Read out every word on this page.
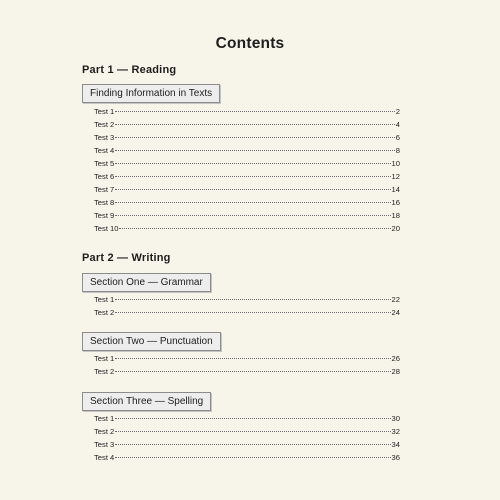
Contents
Part 1 — Reading
Finding Information in Texts
Test 1	2
Test 2	4
Test 3	6
Test 4	8
Test 5	10
Test 6	12
Test 7	14
Test 8	16
Test 9	18
Test 10	20
Part 2 — Writing
Section One — Grammar
Test 1	22
Test 2	24
Section Two — Punctuation
Test 1	26
Test 2	28
Section Three — Spelling
Test 1	30
Test 2	32
Test 3	34
Test 4	36
